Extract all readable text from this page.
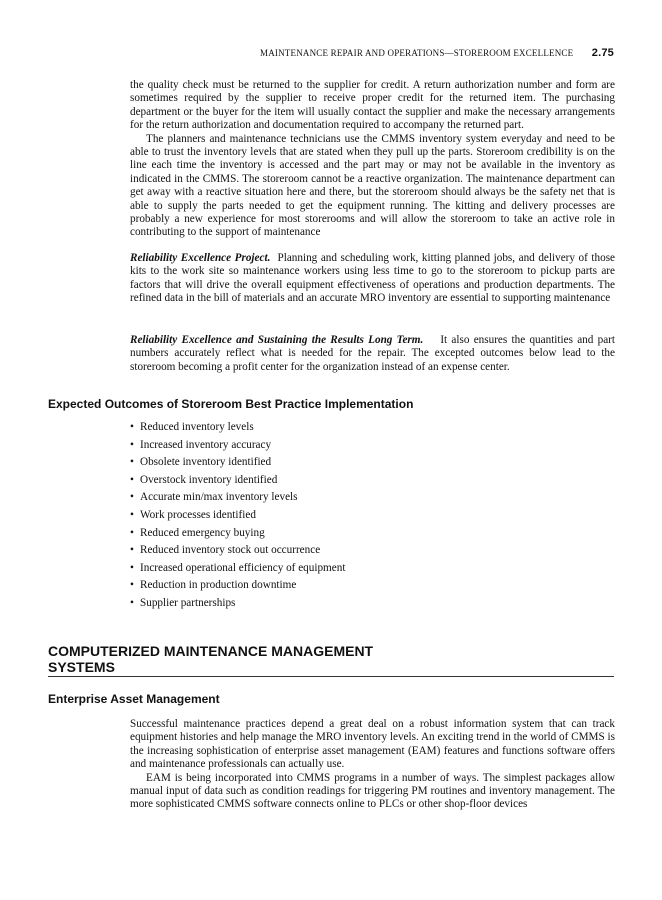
MAINTENANCE REPAIR AND OPERATIONS—STOREROOM EXCELLENCE 2.75

the quality check must be returned to the supplier for credit. A return authorization number and form are sometimes required by the supplier to receive proper credit for the returned item. The purchasing department or the buyer for the item will usually contact the supplier and make the necessary arrangements for the return authorization and documentation required to accompany the returned part.

The planners and maintenance technicians use the CMMS inventory system everyday and need to be able to trust the inventory levels that are stated when they pull up the parts. Storeroom credibility is on the line each time the inventory is accessed and the part may or may not be available in the inventory as indicated in the CMMS. The storeroom cannot be a reactive organization. The maintenance department can get away with a reactive situation here and there, but the storeroom should always be the safety net that is able to supply the parts needed to get the equipment running. The kitting and delivery processes are probably a new experience for most storerooms and will allow the storeroom to take an active role in contributing to the support of maintenance

Reliability Excellence Project. Planning and scheduling work, kitting planned jobs, and delivery of those kits to the work site so maintenance workers using less time to go to the storeroom to pickup parts are factors that will drive the overall equipment effectiveness of operations and production departments. The refined data in the bill of materials and an accurate MRO inventory are essential to supporting maintenance

Reliability Excellence and Sustaining the Results Long Term. It also ensures the quantities and part numbers accurately reflect what is needed for the repair. The excepted outcomes below lead to the storeroom becoming a profit center for the organization instead of an expense center.

Expected Outcomes of Storeroom Best Practice Implementation
• Reduced inventory levels
• Increased inventory accuracy
• Obsolete inventory identified
• Overstock inventory identified
• Accurate min/max inventory levels
• Work processes identified
• Reduced emergency buying
• Reduced inventory stock out occurrence
• Increased operational efficiency of equipment
• Reduction in production downtime
• Supplier partnerships
COMPUTERIZED MAINTENANCE MANAGEMENT
SYSTEMS
Enterprise Asset Management

Successful maintenance practices depend a great deal on a robust information system that can track equipment histories and help manage the MRO inventory levels. An exciting trend in the world of CMMS is the increasing sophistication of enterprise asset management (EAM) features and functions software offers and maintenance professionals can actually use.

EAM is being incorporated into CMMS programs in a number of ways. The simplest packages allow manual input of data such as condition readings for triggering PM routines and inventory management. The more sophisticated CMMS software connects online to PLCs or other shop-floor devices
